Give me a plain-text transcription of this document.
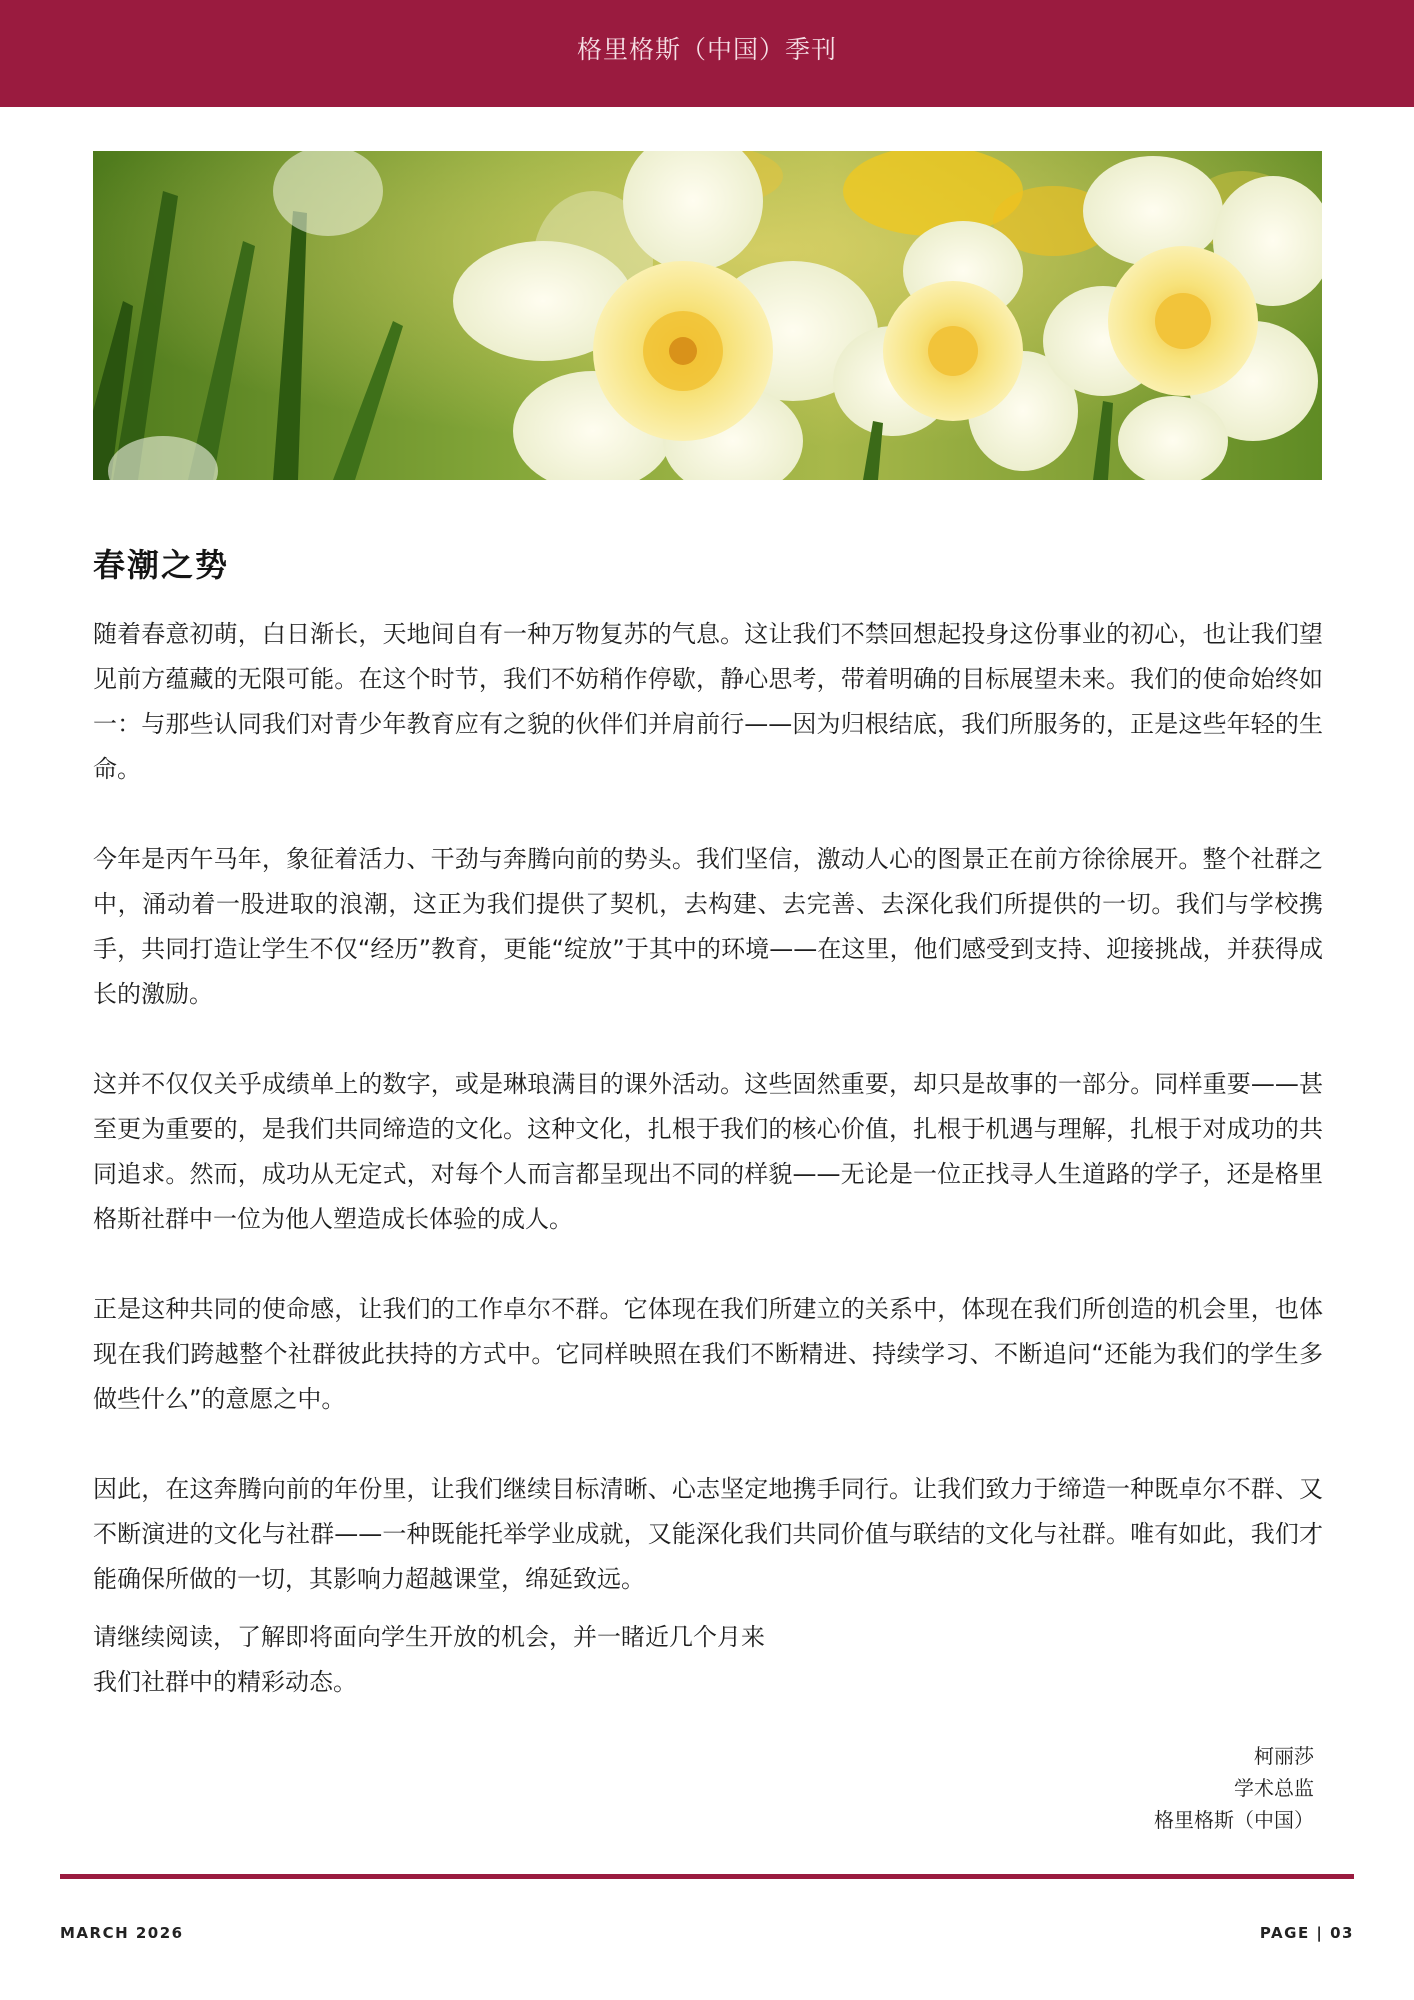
格里格斯（中国）季刊
春潮之势

随着春意初萌，白日渐长，天地间自有一种万物复苏的气息。这让我们不禁回想起投身这份事业的初心，也让我们望见前方蕴藏的无限可能。在这个时节，我们不妨稍作停歇，静心思考，带着明确的目标展望未来。我们的使命始终如一：与那些认同我们对青少年教育应有之貌的伙伴们并肩前行——因为归根结底，我们所服务的，正是这些年轻的生命。

今年是丙午马年，象征着活力、干劲与奔腾向前的势头。我们坚信，激动人心的图景正在前方徐徐展开。整个社群之中，涌动着一股进取的浪潮，这正为我们提供了契机，去构建、去完善、去深化我们所提供的一切。我们与学校携手，共同打造让学生不仅“经历”教育，更能“绽放”于其中的环境——在这里，他们感受到支持、迎接挑战，并获得成长的激励。

这并不仅仅关乎成绩单上的数字，或是琳琅满目的课外活动。这些固然重要，却只是故事的一部分。同样重要——甚至更为重要的，是我们共同缔造的文化。这种文化，扎根于我们的核心价值，扎根于机遇与理解，扎根于对成功的共同追求。然而，成功从无定式，对每个人而言都呈现出不同的样貌——无论是一位正找寻人生道路的学子，还是格里格斯社群中一位为他人塑造成长体验的成人。

正是这种共同的使命感，让我们的工作卓尔不群。它体现在我们所建立的关系中，体现在我们所创造的机会里，也体现在我们跨越整个社群彼此扶持的方式中。它同样映照在我们不断精进、持续学习、不断追问“还能为我们的学生多做些什么”的意愿之中。

因此，在这奔腾向前的年份里，让我们继续目标清晰、心志坚定地携手同行。让我们致力于缔造一种既卓尔不群、又不断演进的文化与社群——一种既能托举学业成就，又能深化我们共同价值与联结的文化与社群。唯有如此，我们才能确保所做的一切，其影响力超越课堂，绵延致远。

请继续阅读，了解即将面向学生开放的机会，并一睹近几个月来
我们社群中的精彩动态。
柯丽莎
学术总监
格里格斯（中国）
MARCH 2026	PAGE | 03
